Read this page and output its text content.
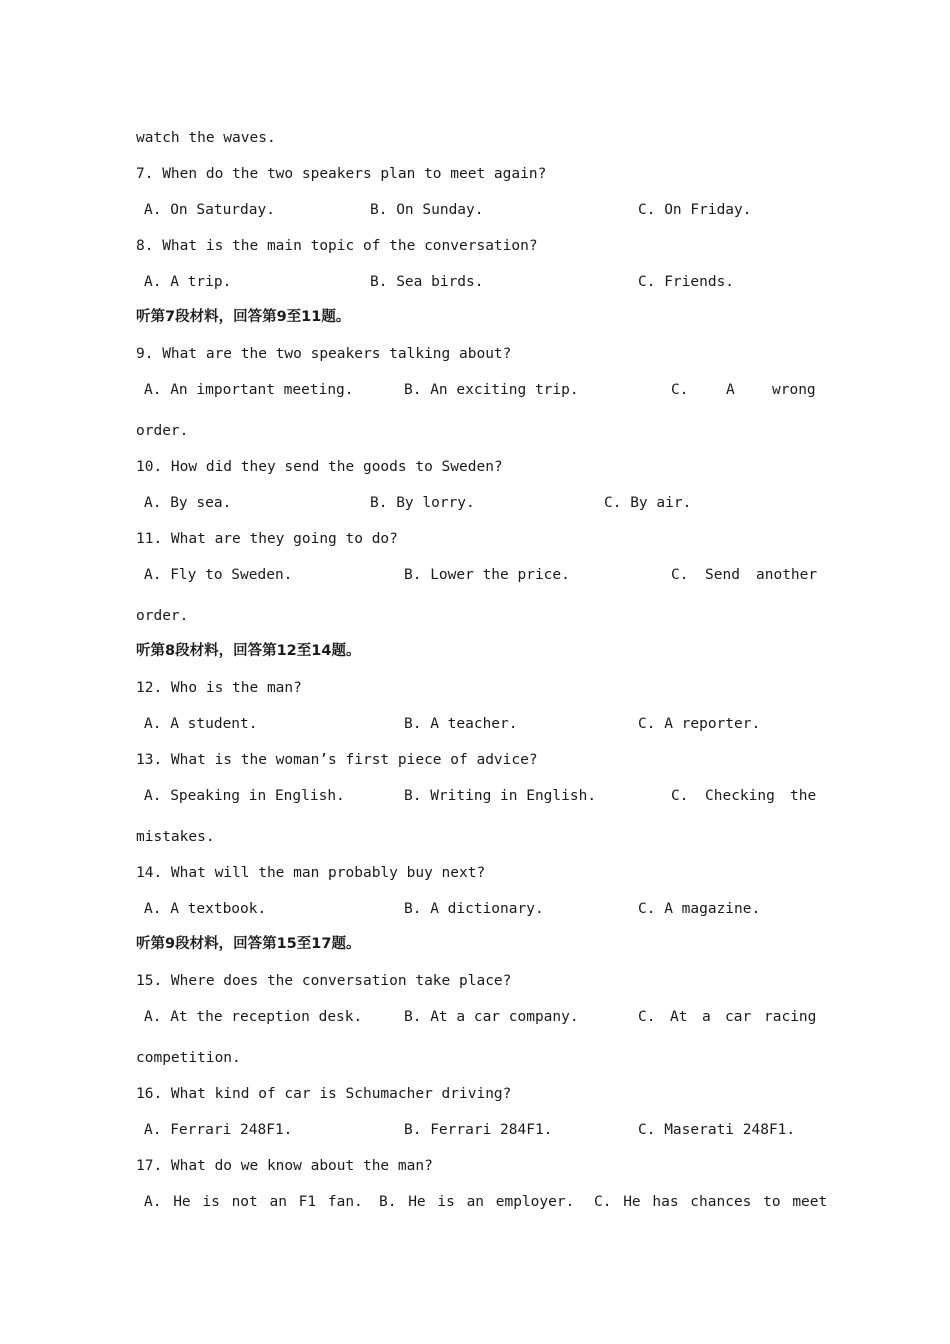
watch the waves.
7. When do the two speakers plan to meet again?

A. On Saturday.

	B. On Sunday.

	C. On Friday.

8. What is the main topic of the conversation?

A. A trip.

	B. Sea birds.

	C. Friends.

听第7段材料，回答第9至11题。
9. What are the two speakers talking about?

A. An important meeting.

	B. An exciting trip.

	C.

	A

	wrong

order.
10. How did they send the goods to Sweden?

A. By sea.

	B. By lorry.

	C. By air.

11. What are they going to do?

A. Fly to Sweden.

	B. Lower the price.

	C.

Send

another

order.
听第8段材料，回答第12至14题。
12. Who is the man?

A. A student.

	B. A teacher.

	C. A reporter.

13. What is the woman’s first piece of advice?

A. Speaking in English.

	B. Writing in English.

	C.

Checking

the

mistakes.
14. What will the man probably buy next?

A. A textbook.

	B. A dictionary.

	C. A magazine.

听第9段材料，回答第15至17题。
15. Where does the conversation take place?

A. At the reception desk.

	B. At a car company.

	C.

At

a

car

racing

competition.
16. What kind of car is Schumacher driving?

A. Ferrari 248F1.

	B. Ferrari 284F1.

	C. Maserati 248F1.

17. What do we know about the man?

A. He is not an F1 fan.

B. He is an employer.

C. He has chances to meet
